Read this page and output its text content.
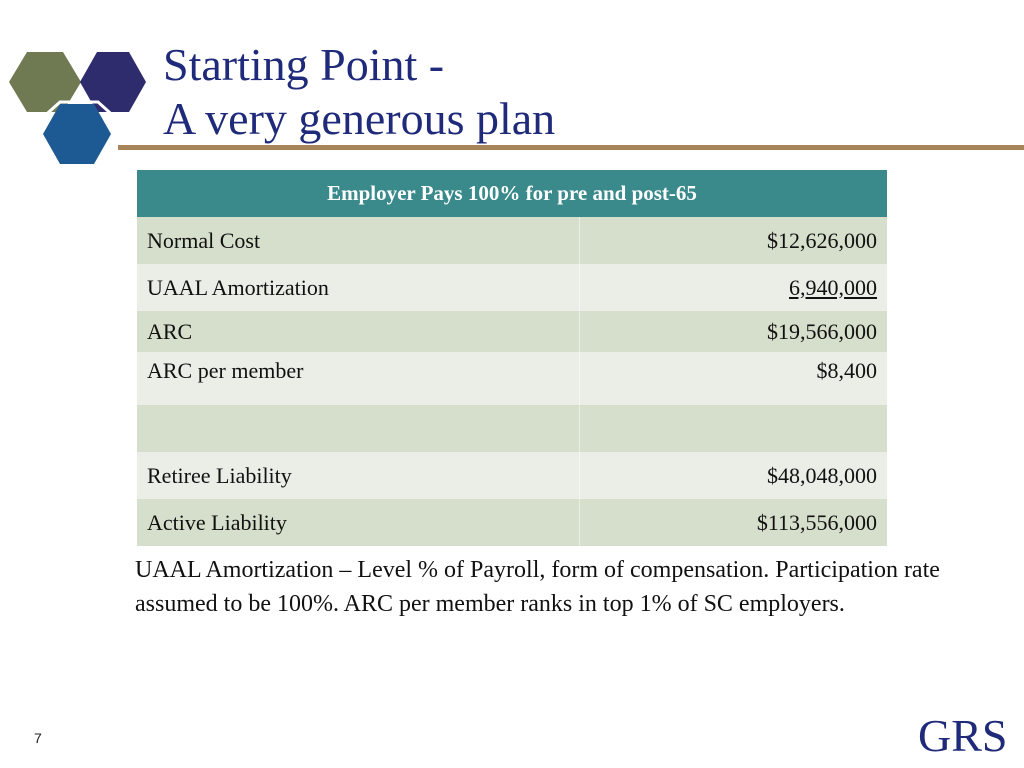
Starting Point -
A very generous plan
Employer Pays 100% for pre and post-65	
Normal Cost	$12,626,000
UAAL Amortization	6,940,000
ARC	$19,566,000
ARC per member	$8,400

Retiree Liability	$48,048,000
Active Liability	$113,556,000
UAAL Amortization – Level % of Payroll, form of compensation. Participation rate assumed to be 100%. ARC per member ranks in top 1% of SC employers.
7	GRS
